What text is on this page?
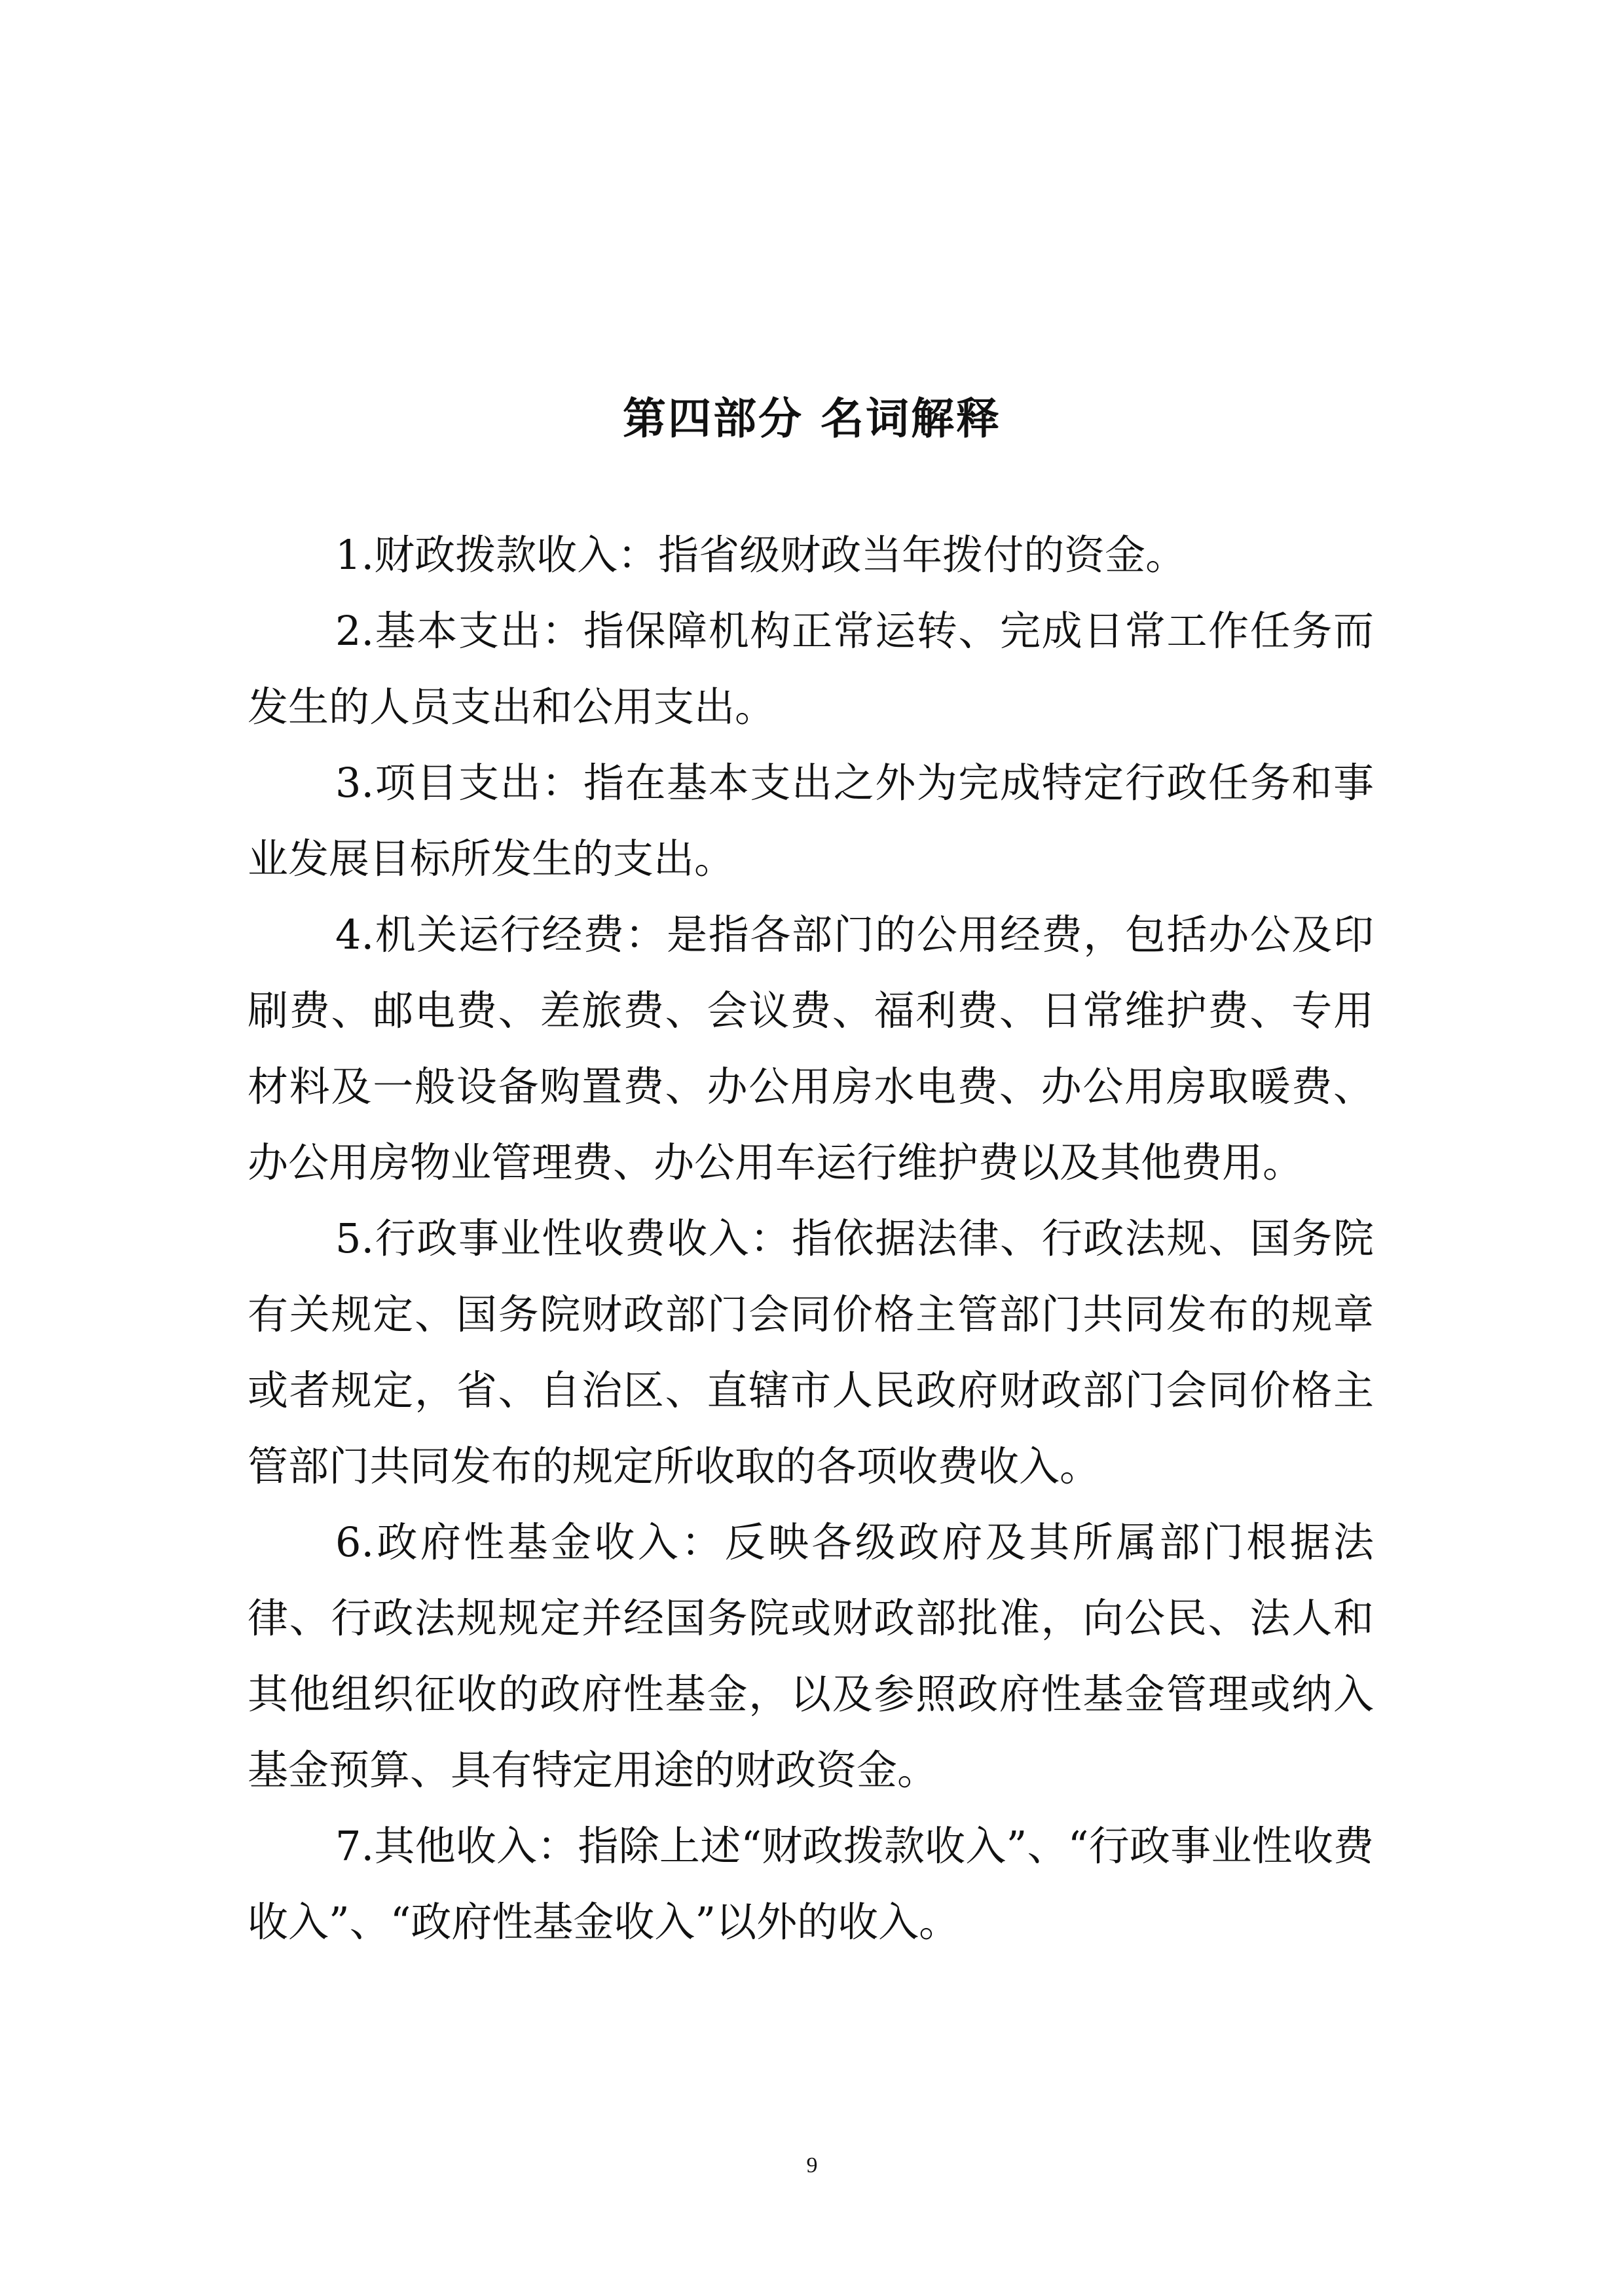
第四部分 名词解释

1.财政拨款收入：指省级财政当年拨付的资金。

2.基本支出：指保障机构正常运转、完成日常工作任务而发生的人员支出和公用支出。

3.项目支出：指在基本支出之外为完成特定行政任务和事业发展目标所发生的支出。

4.机关运行经费：是指各部门的公用经费，包括办公及印刷费、邮电费、差旅费、会议费、福利费、日常维护费、专用材料及一般设备购置费、办公用房水电费、办公用房取暖费、办公用房物业管理费、办公用车运行维护费以及其他费用。

5.行政事业性收费收入：指依据法律、行政法规、国务院有关规定、国务院财政部门会同价格主管部门共同发布的规章或者规定，省、自治区、直辖市人民政府财政部门会同价格主管部门共同发布的规定所收取的各项收费收入。

6.政府性基金收入：反映各级政府及其所属部门根据法律、行政法规规定并经国务院或财政部批准，向公民、法人和其他组织征收的政府性基金，以及参照政府性基金管理或纳入基金预算、具有特定用途的财政资金。

7.其他收入：指除上述“财政拨款收入”、“行政事业性收费收入”、“政府性基金收入”以外的收入。

9
